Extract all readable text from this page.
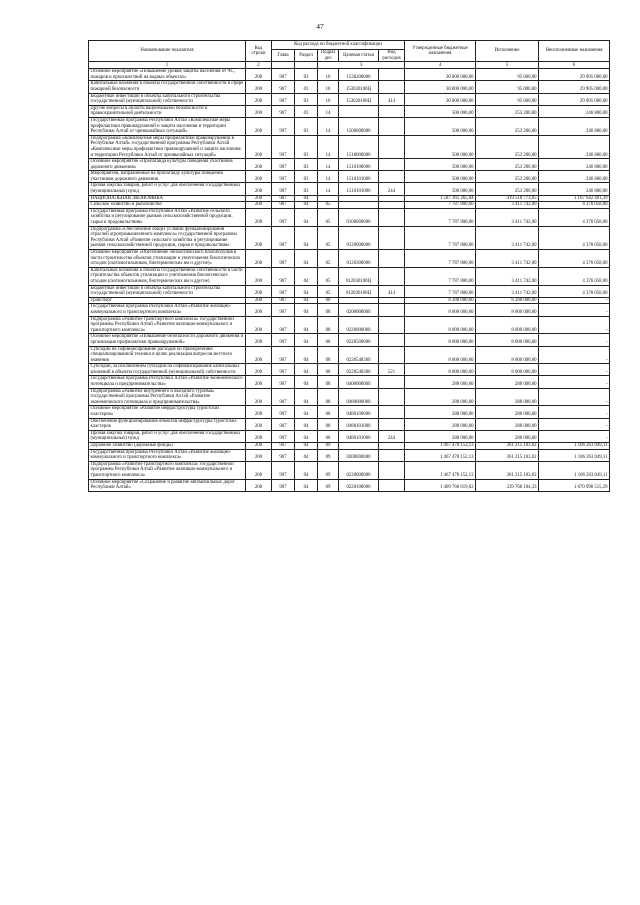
47
Наименование показателя	Код строки	Код расхода по бюджетной классификации					Утвержденные бюджетные назначения	Исполнение	Неисполненные назначения
		Глава	Раздел	Подраз дел	Целевая статья	Вид расходов			
1	2			3			4	5	6
Основное мероприятие «Повышение уровня защиты населения от ЧС, пожаров и происшествий на водных объектах»	200	907	03	10	1530200000		30 000 000,00	95 000,00	29 905 000,00
Капитальные вложения в объекты государственной собственности в сфере пожарной безопасности	200	907	03	10	153020100Ц		30 000 000,00	95 000,00	29 905 000,00
Бюджетные инвестиции в объекты капитального строительства государственной (муниципальной) собственности	200	907	03	10	153020100Ц	414	30 000 000,00	95 000,00	29 905 000,00
Другие вопросы в области национальной безопасности и правоохранительной деятельности	200	907	03	14			500 000,00	253 200,00	246 800,00
Государственная программа Республики Алтай «Комплексные меры профилактики правонарушений и защита населения и территории Республики Алтай от чрезвычайных ситуаций»	200	907	03	14	1500000000		500 000,00	253 200,00	246 800,00
Подпрограмма «Комплексные меры профилактики правонарушений в Республике Алтай» государственной программы Республики Алтай «Комплексные меры профилактики правонарушений и защита населения и территории Республики Алтай от чрезвычайных ситуаций»	200	907	03	14	1510000000		500 000,00	253 200,00	246 800,00
Основное мероприятие «Пропаганда культуры поведения участников дорожного движения»	200	907	03	14	1510100000		500 000,00	253 200,00	246 800,00
Мероприятия, направленные на пропаганду культуры поведения участников дорожного движения	200	907	03	14	1510101000		500 000,00	253 200,00	246 800,00
Прочая закупка товаров, работ и услуг для обеспечения государственных (муниципальных) нужд	200	907	03	14	1510101000	244	500 000,00	253 200,00	246 800,00
НАЦИОНАЛЬНАЯ ЭКОНОМИКА	200	907	04				1 587 161 265,04	419 518 773,65	1 167 642 491,39
Сельское хозяйство и рыболовство	200	907	04	05			7 787 800,00	3 411 742,00	4 376 058,00
Государственная программа Республики Алтай «Развитие сельского хозяйства и регулирование рынков сельскохозяйственной продукции, сырья и продовольствия»	200	907	04	05	0100000000		7 787 800,00	3 411 742,00	4 376 058,00
Подпрограмма «Обеспечение общих условий функционирования отраслей агропромышленного комплекса» государственной программы Республики Алтай «Развитие сельского хозяйства и регулирование рынков сельскохозяйственной продукции, сырья и продовольствия»	200	907	04	05	0120000000		7 787 800,00	3 411 742,00	4 376 058,00
Основное мероприятие «Обеспечение эпизоотического благополучия в части строительства объектов утилизации и уничтожения биологических отходов (скотомогильников, биотермических ям и другие)»	200	907	04	05	0120300000		7 787 800,00	3 411 742,00	4 376 058,00
Капитальные вложения в объекты государственной собственности в части строительства объектов утилизации и уничтожения биологических отходов (скотомогильников, биотермических ям и другие)	200	907	04	05	012030100Ц		7 787 800,00	3 411 742,00	4 376 058,00
Бюджетные инвестиции в объекты капитального строительства государственной (муниципальной) собственности	200	907	04	05	012030100Ц	414	7 787 800,00	3 411 742,00	4 376 058,00
Транспорт	200	907	04	08			8 288 000,00	8 288 000,00	-
Государственная программа Республики Алтай «Развитие жилищно-коммунального и транспортного комплекса»	200	907	04	08	0200000000		8 000 000,00	8 000 000,00	-
Подпрограмма «Развитие транспортного комплекса» государственной программы Республики Алтай «Развитие жилищно-коммунального и транспортного комплекса»	200	907	04	08	0220000000		8 000 000,00	8 000 000,00	-
Основное мероприятие «Повышение безопасности дорожного движения и организация профилактики правонарушений»	200	907	04	08	0220500000		8 000 000,00	8 000 000,00	-
Субсидии на софинансирование расходов по приобретению специализированной техники в целях реализации вопросов местного значения	200	907	04	08	0220548300		8 000 000,00	8 000 000,00	-
Субсидии, за исключением субсидий на софинансирование капитальных вложений в объекты государственной (муниципальной) собственности	200	907	04	08	0220548300	521	8 000 000,00	8 000 000,00	-
Государственная программа Республики Алтай «Развитие экономического потенциала и предпринимательства»	200	907	04	08	0400000000		288 000,00	288 000,00	-
Подпрограмма «Развитие внутреннего и въездного туризма» государственной программы Республики Алтай «Развитие экономического потенциала и предпринимательства»	200	907	04	08	0480000000		288 000,00	288 000,00	-
Основное мероприятие «Развитие инфраструктуры туристских кластеров»	200	907	04	08	0480100000		288 000,00	288 000,00	-
Обеспечение функционирования объектов инфраструктуры туристских кластеров	200	907	04	08	0480101000		288 000,00	288 000,00	-
Прочая закупка товаров, работ и услуг для обеспечения государственных (муниципальных) нужд	200	907	04	08	0480101000	244	288 000,00	288 000,00	-
Дорожное хозяйство (дорожные фонды)	200	907	04	09			1 467 478 152,13	361 215 103,02	1 106 263 049,11
Государственная программа Республики Алтай «Развитие жилищно-коммунального и транспортного комплекса»	200	907	04	09	0200000000		1 467 478 152,13	361 215 103,02	1 106 263 049,11
Подпрограмма «Развитие транспортного комплекса» государственной программы Республики Алтай «Развитие жилищно-коммунального и транспортного комплекса»	200	907	04	09	0220000000		1 467 478 152,13	361 215 103,02	1 106 263 049,11
Основное мероприятие «Сохранение и развитие автомобильных дорог Республики Алтай»	200	907	04	09	0220100000		1 409 766 619,62	339 768 104,33	1 070 998 515,29
